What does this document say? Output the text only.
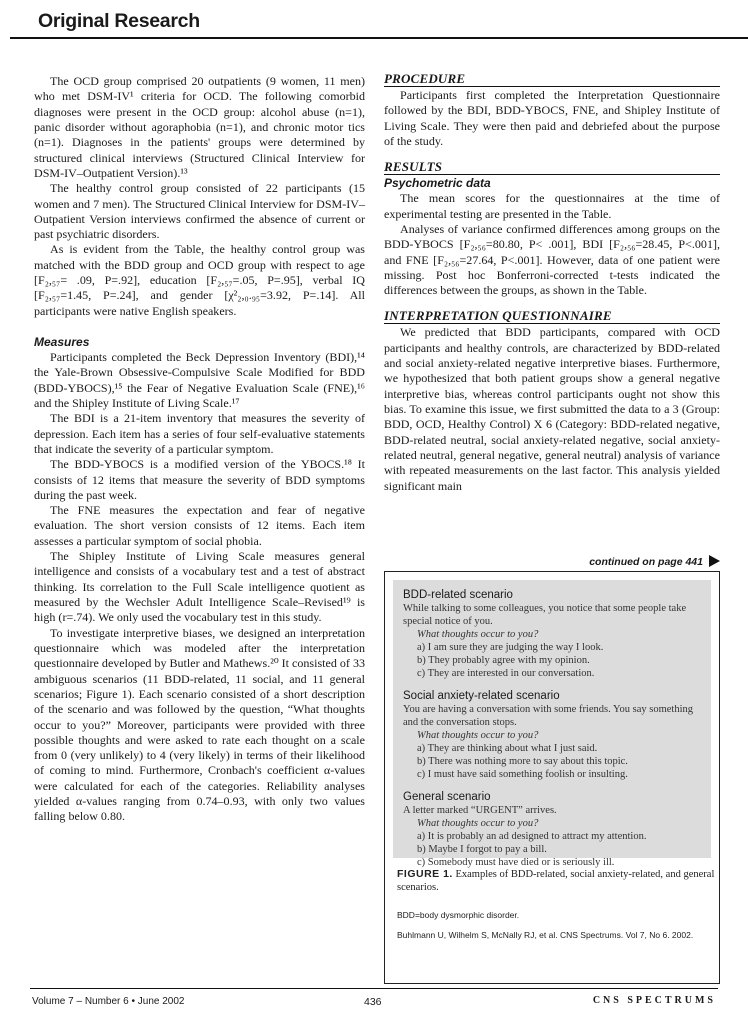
Original Research

The OCD group comprised 20 outpatients (9 women, 11 men) who met DSM-IV¹ criteria for OCD. The following comorbid diagnoses were present in the OCD group: alcohol abuse (n=1), panic disorder without agoraphobia (n=1), and chronic motor tics (n=1). Diagnoses in the patients' groups were determined by structured clinical interviews (Structured Clinical Interview for DSM-IV–Outpatient Version).¹³

The healthy control group consisted of 22 participants (15 women and 7 men). The Structured Clinical Interview for DSM-IV–Outpatient Version interviews confirmed the absence of current or past psychiatric disorders.

As is evident from the Table, the healthy control group was matched with the BDD group and OCD group with respect to age [F₂,₅₇= .09, P=.92], education [F₂,₅₇=.05, P=.95], verbal IQ [F₂,₅₇=1.45, P=.24], and gender [χ²₂,₀.₉₅=3.92, P=.14]. All participants were native English speakers.

Measures

Participants completed the Beck Depression Inventory (BDI),¹⁴ the Yale-Brown Obsessive-Compulsive Scale Modified for BDD (BDD-YBOCS),¹⁵ the Fear of Negative Evaluation Scale (FNE),¹⁶ and the Shipley Institute of Living Scale.¹⁷

The BDI is a 21-item inventory that measures the severity of depression. Each item has a series of four self-evaluative statements that indicate the severity of a particular symptom.

The BDD-YBOCS is a modified version of the YBOCS.¹⁸ It consists of 12 items that measure the severity of BDD symptoms during the past week.

The FNE measures the expectation and fear of negative evaluation. The short version consists of 12 items. Each item assesses a particular symptom of social phobia.

The Shipley Institute of Living Scale measures general intelligence and consists of a vocabulary test and a test of abstract thinking. Its correlation to the Full Scale intelligence quotient as measured by the Wechsler Adult Intelligence Scale–Revised¹⁹ is high (r=.74). We only used the vocabulary test in this study.

To investigate interpretive biases, we designed an interpretation questionnaire which was modeled after the interpretation questionnaire developed by Butler and Mathews.²⁰ It consisted of 33 ambiguous scenarios (11 BDD-related, 11 social, and 11 general scenarios; Figure 1). Each scenario consisted of a short description of the scenario and was followed by the question, “What thoughts occur to you?” Moreover, participants were provided with three possible thoughts and were asked to rate each thought on a scale from 0 (very unlikely) to 4 (very likely) in terms of their likelihood of coming to mind. Furthermore, Cronbach's coefficient α-values were calculated for each of the categories. Reliability analyses yielded α-values ranging from 0.74–0.93, with only two values falling below 0.80.

PROCEDURE

Participants first completed the Interpretation Questionnaire followed by the BDI, BDD-YBOCS, FNE, and Shipley Institute of Living Scale. They were then paid and debriefed about the purpose of the study.

RESULTS
Psychometric data

The mean scores for the questionnaires at the time of experimental testing are presented in the Table.

Analyses of variance confirmed differences among groups on the BDD-YBOCS [F₂,₅₆=80.80, P< .001], BDI [F₂,₅₆=28.45, P<.001], and FNE [F₂,₅₆=27.64, P<.001]. However, data of one patient were missing. Post hoc Bonferroni-corrected t-tests indicated the differences between the groups, as shown in the Table.

INTERPRETATION QUESTIONNAIRE

We predicted that BDD participants, compared with OCD participants and healthy controls, are characterized by BDD-related and social anxiety-related negative interpretive biases. Furthermore, we hypothesized that both patient groups show a general negative interpretive bias, whereas control participants ought not show this bias. To examine this issue, we first submitted the data to a 3 (Group: BDD, OCD, Healthy Control) X 6 (Category: BDD-related negative, BDD-related neutral, social anxiety-related negative, social anxiety-related neutral, general negative, general neutral) analysis of variance with repeated measurements on the last factor. This analysis yielded significant main

continued on page 441
BDD-related scenario
While talking to some colleagues, you notice that some people take special notice of you.
What thoughts occur to you?
a) I am sure they are judging the way I look.
b) They probably agree with my opinion.
c) They are interested in our conversation.
Social anxiety-related scenario
You are having a conversation with some friends. You say something and the conversation stops.
What thoughts occur to you?
a) They are thinking about what I just said.
b) There was nothing more to say about this topic.
c) I must have said something foolish or insulting.
General scenario
A letter marked “URGENT” arrives.
What thoughts occur to you?
a) It is probably an ad designed to attract my attention.
b) Maybe I forgot to pay a bill.
c) Somebody must have died or is seriously ill.
FIGURE 1. Examples of BDD-related, social anxiety-related, and general scenarios.
BDD=body dysmorphic disorder.
Buhlmann U, Wilhelm S, McNally RJ, et al. CNS Spectrums. Vol 7, No 6. 2002.
Volume 7 – Number 6 • June 2002	436	CNS SPECTRUMS
